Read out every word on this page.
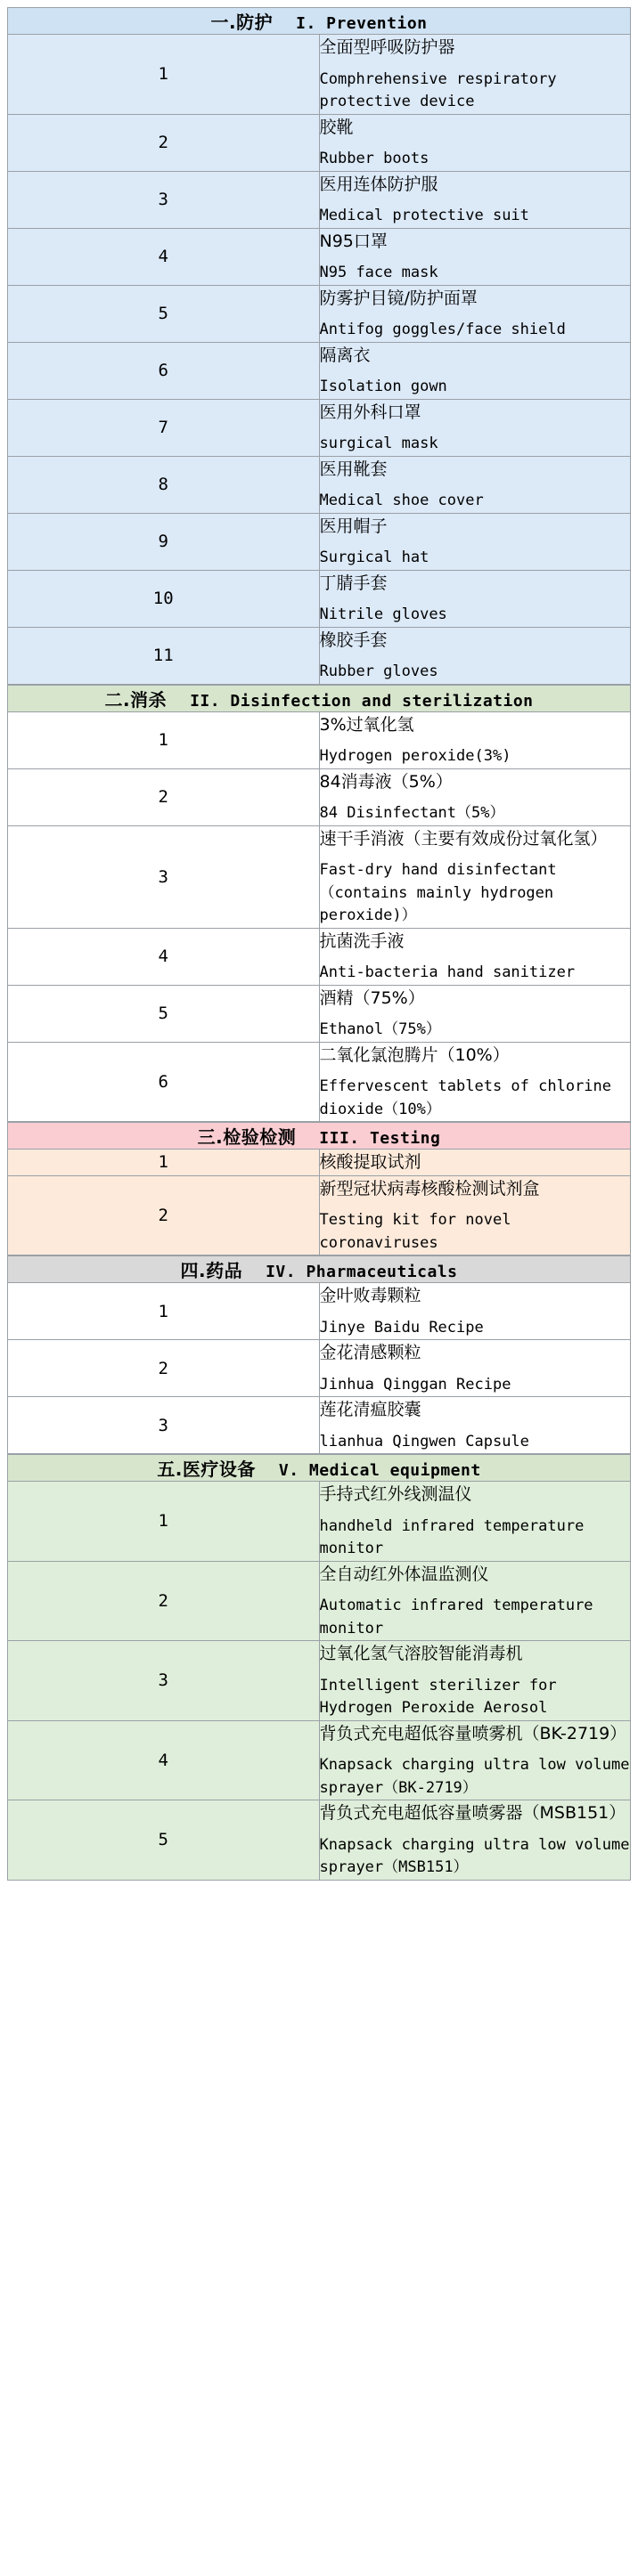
一.防护 I. Prevention	

1	全面型呼吸防护器
Comphrehensive respiratory protective device

2	胶靴
Rubber boots

3	医用连体防护服
Medical protective suit

4	N95口罩
N95 face mask

5	防雾护目镜/防护面罩
Antifog goggles/face shield

6	隔离衣
Isolation gown

7	医用外科口罩
surgical mask

8	医用靴套
Medical shoe cover

9	医用帽子
Surgical hat

10	丁腈手套
Nitrile gloves

11	橡胶手套
Rubber gloves
二.消杀 II. Disinfection and sterilization	

1	3%过氧化氢
Hydrogen peroxide(3%)

2	84消毒液（5%）
84 Disinfectant（5%）

3	速干手消液（主要有效成份过氧化氢）
Fast-dry hand disinfectant（contains mainly hydrogen peroxide)）

4	抗菌洗手液
Anti-bacteria hand sanitizer

5	酒精（75%）
Ethanol（75%）

6	二氧化氯泡腾片（10%）
Effervescent tablets of chlorine dioxide（10%）
三.检验检测 III. Testing	

1	核酸提取试剂

2	新型冠状病毒核酸检测试剂盒
Testing kit for novel coronaviruses
四.药品 IV. Pharmaceuticals	

1	金叶败毒颗粒
Jinye Baidu Recipe

2	金花清感颗粒
Jinhua Qinggan Recipe

3	莲花清瘟胶囊
lianhua Qingwen Capsule
五.医疗设备 V. Medical equipment	

1	手持式红外线测温仪
handheld infrared temperature monitor

2	全自动红外体温监测仪
Automatic infrared temperature monitor

3	过氧化氢气溶胶智能消毒机
Intelligent sterilizer for Hydrogen Peroxide Aerosol

4	背负式充电超低容量喷雾机（BK-2719）
Knapsack charging ultra low volume sprayer（BK-2719）

5	背负式充电超低容量喷雾器（MSB151）
Knapsack charging ultra low volume sprayer（MSB151）
